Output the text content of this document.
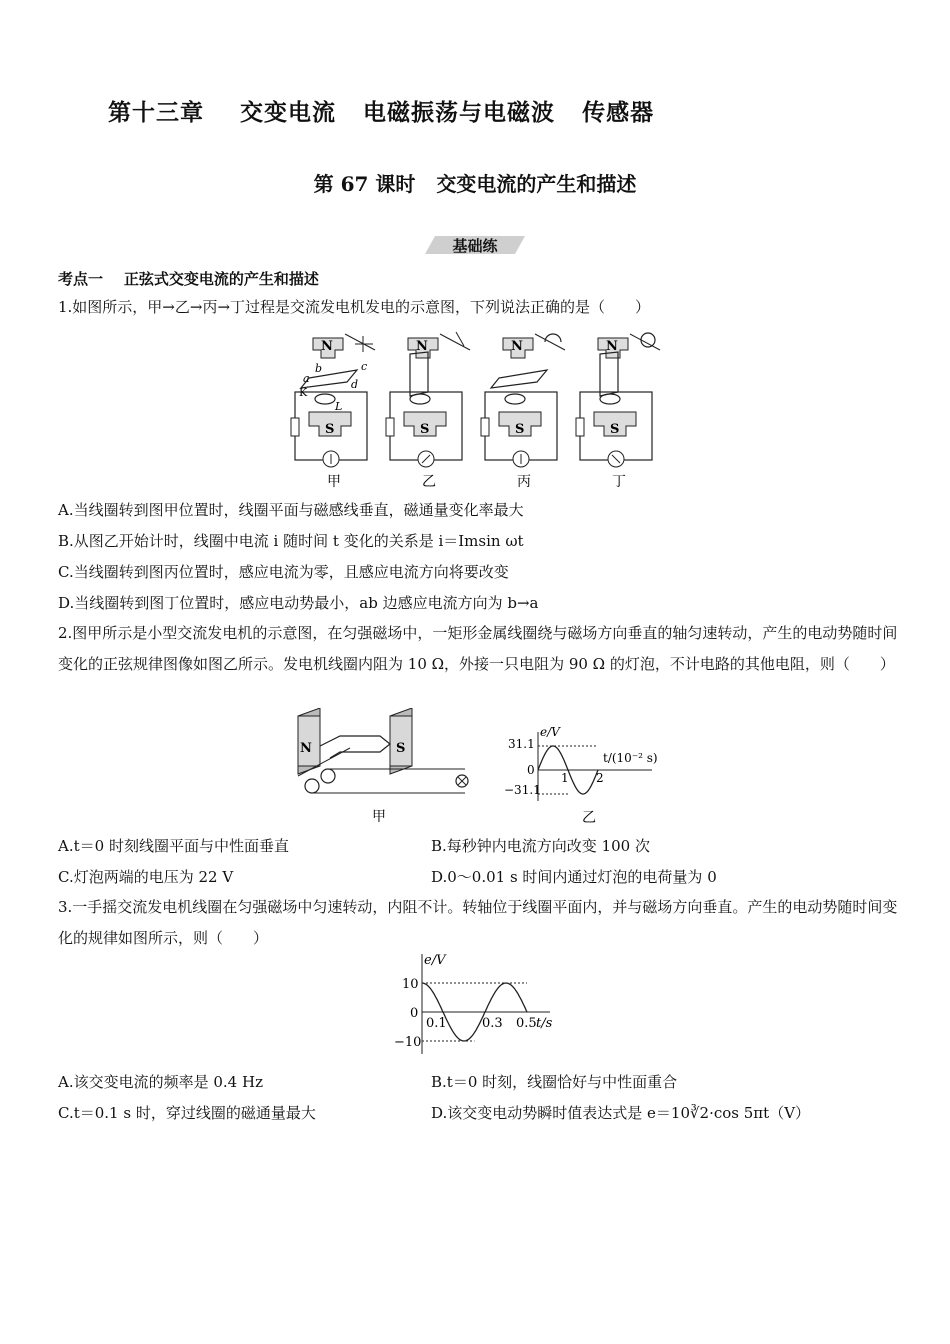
第十三章    交变电流   电磁振荡与电磁波   传感器
第 67 课时   交变电流的产生和描述
基础练
考点一    正弦式交变电流的产生和描述
1.如图所示，甲→乙→丙→丁过程是交流发电机发电的示意图，下列说法正确的是（　　）
N	N	N	N
S	S	S	S
b	c
d
a
K
L
甲	乙	丙	丁
A.当线圈转到图甲位置时，线圈平面与磁感线垂直，磁通量变化率最大
B.从图乙开始计时，线圈中电流 i 随时间 t 变化的关系是 i＝Imsin ωt
C.当线圈转到图丙位置时，感应电流为零，且感应电流方向将要改变
D.当线圈转到图丁位置时，感应电动势最小，ab 边感应电流方向为 b→a
2.图甲所示是小型交流发电机的示意图，在匀强磁场中，一矩形金属线圈绕与磁场方向垂直的轴匀速转动，产生的电动势随时间变化的正弦规律图像如图乙所示。发电机线圈内阻为 10 Ω，外接一只电阻为 90 Ω 的灯泡，不计电路的其他电阻，则（　　）
N	S
甲
e/V
t/(10⁻² s)
31.1
0
−31.1
1 2
乙
A.t＝0 时刻线圈平面与中性面垂直	B.每秒钟内电流方向改变 100 次
C.灯泡两端的电压为 22 V	D.0～0.01 s 时间内通过灯泡的电荷量为 0
3.一手摇交流发电机线圈在匀强磁场中匀速转动，内阻不计。转轴位于线圈平面内，并与磁场方向垂直。产生的电动势随时间变化的规律如图所示，则（　　）
e/V
t/s
10
0
−10
0.1	0.3 0.5
A.该交变电流的频率是 0.4 Hz	B.t＝0 时刻，线圈恰好与中性面重合
C.t＝0.1 s 时，穿过线圈的磁通量最大	D.该交变电动势瞬时值表达式是 e＝10∛2·cos 5πt（V）
